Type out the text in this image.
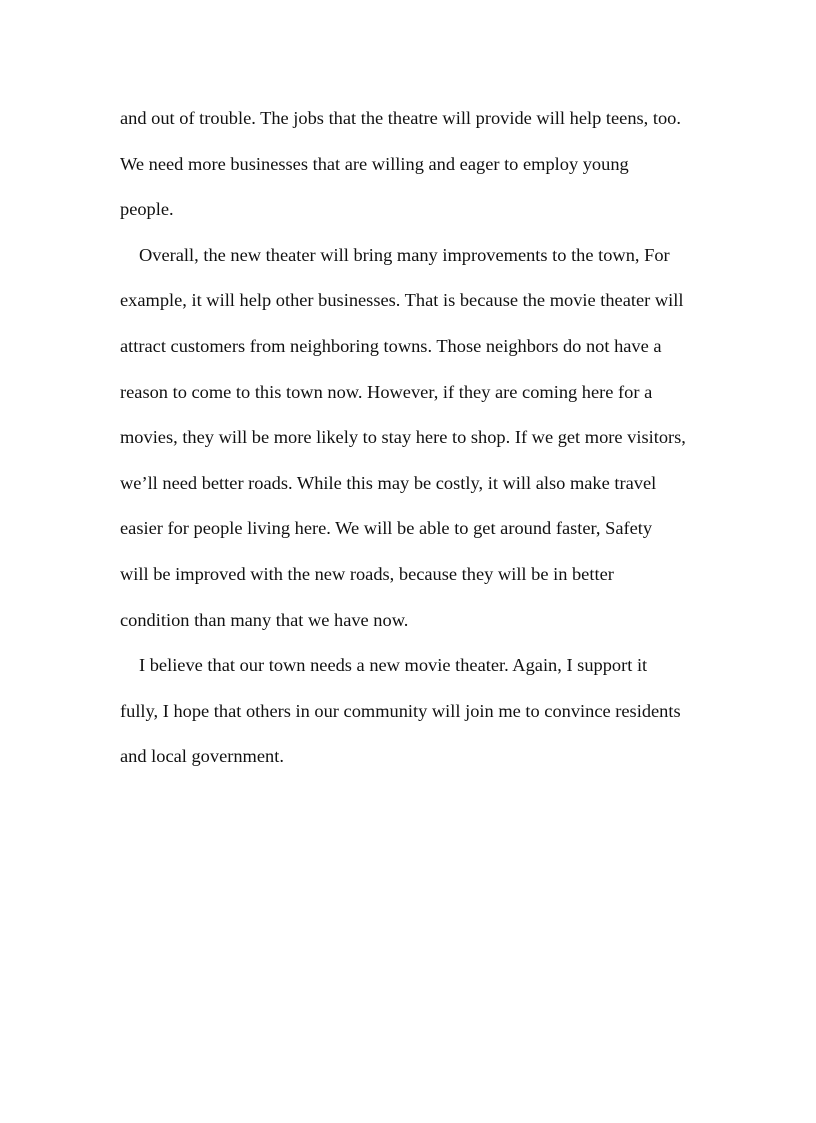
and out of trouble. The jobs that the theatre will provide will help teens, too.
We need more businesses that are willing and eager to employ young
people.
Overall, the new theater will bring many improvements to the town, For
example, it will help other businesses. That is because the movie theater will
attract customers from neighboring towns. Those neighbors do not have a
reason to come to this town now. However, if they are coming here for a
movies, they will be more likely to stay here to shop. If we get more visitors,
we’ll need better roads. While this may be costly, it will also make travel
easier for people living here. We will be able to get around faster, Safety
will be improved with the new roads, because they will be in better
condition than many that we have now.
I believe that our town needs a new movie theater. Again, I support it
fully, I hope that others in our community will join me to convince residents
and local government.
